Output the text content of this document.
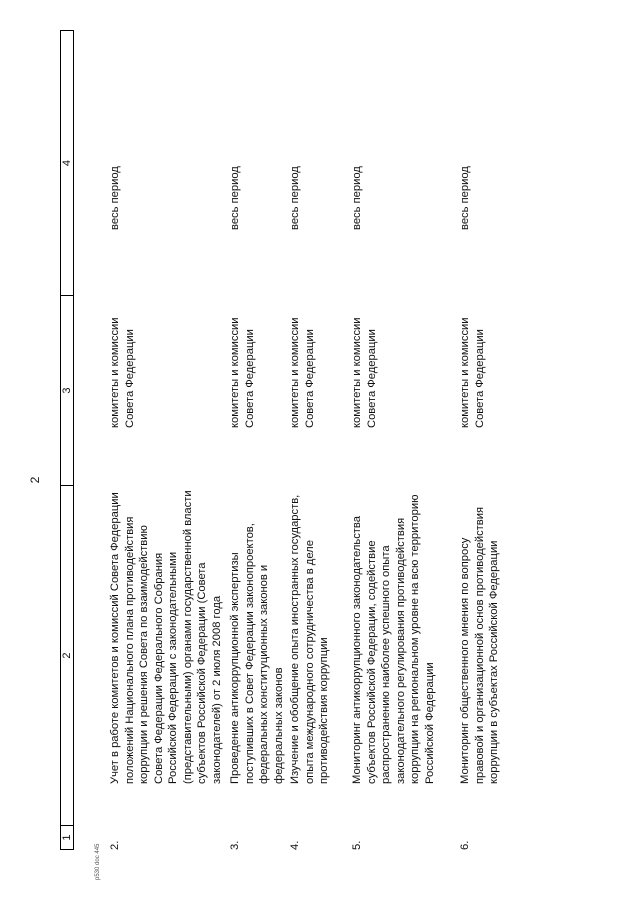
2
р530 doc 445
1
2
3
4
2.
Учет в работе комитетов и комиссий Совета Федерации положений Национального плана противодействия коррупции и решения Совета по взаимодействию Совета Федерации Федерального Собрания Российской Федерации с законодательными (представительными) органами государственной власти субъектов Российской Федерации (Совета законодателей) от 2 июля 2008 года
комитеты и комиссии Совета Федерации
весь период
3.
Проведение антикоррупционной экспертизы поступивших в Совет Федерации законопроектов, федеральных конституционных законов и федеральных законов
комитеты и комиссии Совета Федерации
весь период
4.
Изучение и обобщение опыта иностранных государств, опыта международного сотрудничества в деле противодействия коррупции
комитеты и комиссии Совета Федерации
весь период
5.
Мониторинг антикоррупционного законодательства субъектов Российской Федерации, содействие распространению наиболее успешного опыта законодательного регулирования противодействия коррупции на региональном уровне на всю территорию Российской Федерации
комитеты и комиссии Совета Федерации
весь период
6.
Мониторинг общественного мнения по вопросу правовой и организационной основ противодействия коррупции в субъектах Российской Федерации
комитеты и комиссии Совета Федерации
весь период
